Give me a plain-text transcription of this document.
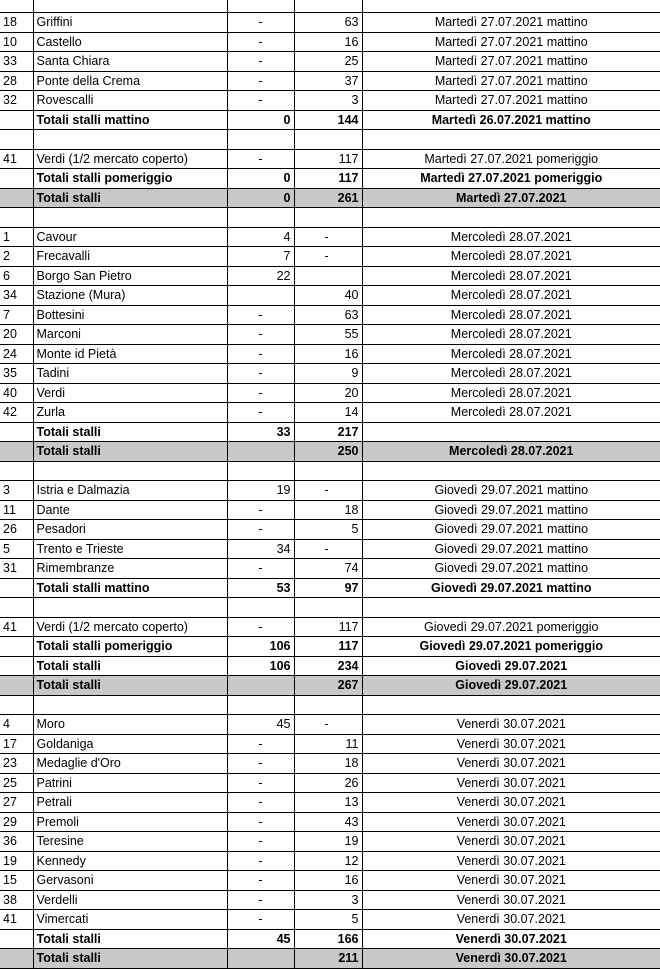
18	Griffini	-	63	Martedì 27.07.2021 mattino
10	Castello	-	16	Martedì 27.07.2021 mattino
33	Santa Chiara	-	25	Martedì 27.07.2021 mattino
28	Ponte della Crema	-	37	Martedì 27.07.2021 mattino
32	Rovescalli	-	3	Martedì 27.07.2021 mattino
	Totali stalli mattino	0	144	Martedì 26.07.2021 mattino

41	Verdi (1/2 mercato coperto)	-	117	Martedì 27.07.2021 pomeriggio
	Totali stalli pomeriggio	0	117	Martedì 27.07.2021 pomeriggio
	Totali stalli	0	261	Martedì 27.07.2021

1	Cavour	4	-	Mercoledì 28.07.2021
2	Frecavalli	7	-	Mercoledì 28.07.2021
6	Borgo San Pietro	22		Mercoledì 28.07.2021
34	Stazione (Mura)		40	Mercoledì 28.07.2021
7	Bottesini	-	63	Mercoledì 28.07.2021
20	Marconi	-	55	Mercoledì 28.07.2021
24	Monte id Pietà	-	16	Mercoledì 28.07.2021
35	Tadini	-	9	Mercoledì 28.07.2021
40	Verdi	-	20	Mercoledì 28.07.2021
42	Zurla	-	14	Mercoledì 28.07.2021
	Totali stalli	33	217	
	Totali stalli		250	Mercoledì 28.07.2021

3	Istria e Dalmazia	19	-	Giovedì 29.07.2021 mattino
11	Dante	-	18	Giovedì 29.07.2021 mattino
26	Pesadori	-	5	Giovedì 29.07.2021 mattino
5	Trento e Trieste	34	-	Giovedì 29.07.2021 mattino
31	Rimembranze	-	74	Giovedì 29.07.2021 mattino
	Totali stalli mattino	53	97	Giovedì 29.07.2021 mattino

41	Verdi (1/2 mercato coperto)	-	117	Giovedì 29.07.2021 pomeriggio
	Totali stalli pomeriggio	106	117	Giovedì 29.07.2021 pomeriggio
	Totali stalli	106	234	Giovedì 29.07.2021
	Totali stalli		267	Giovedì 29.07.2021

4	Moro	45	-	Venerdì 30.07.2021
17	Goldaniga	-	11	Venerdì 30.07.2021
23	Medaglie d'Oro	-	18	Venerdì 30.07.2021
25	Patrini	-	26	Venerdì 30.07.2021
27	Petrali	-	13	Venerdì 30.07.2021
29	Premoli	-	43	Venerdì 30.07.2021
36	Teresine	-	19	Venerdì 30.07.2021
19	Kennedy	-	12	Venerdì 30.07.2021
15	Gervasoni	-	16	Venerdì 30.07.2021
38	Verdelli	-	3	Venerdì 30.07.2021
41	Vimercati	-	5	Venerdì 30.07.2021
	Totali stalli	45	166	Venerdì 30.07.2021
	Totali stalli		211	Venerdì 30.07.2021
